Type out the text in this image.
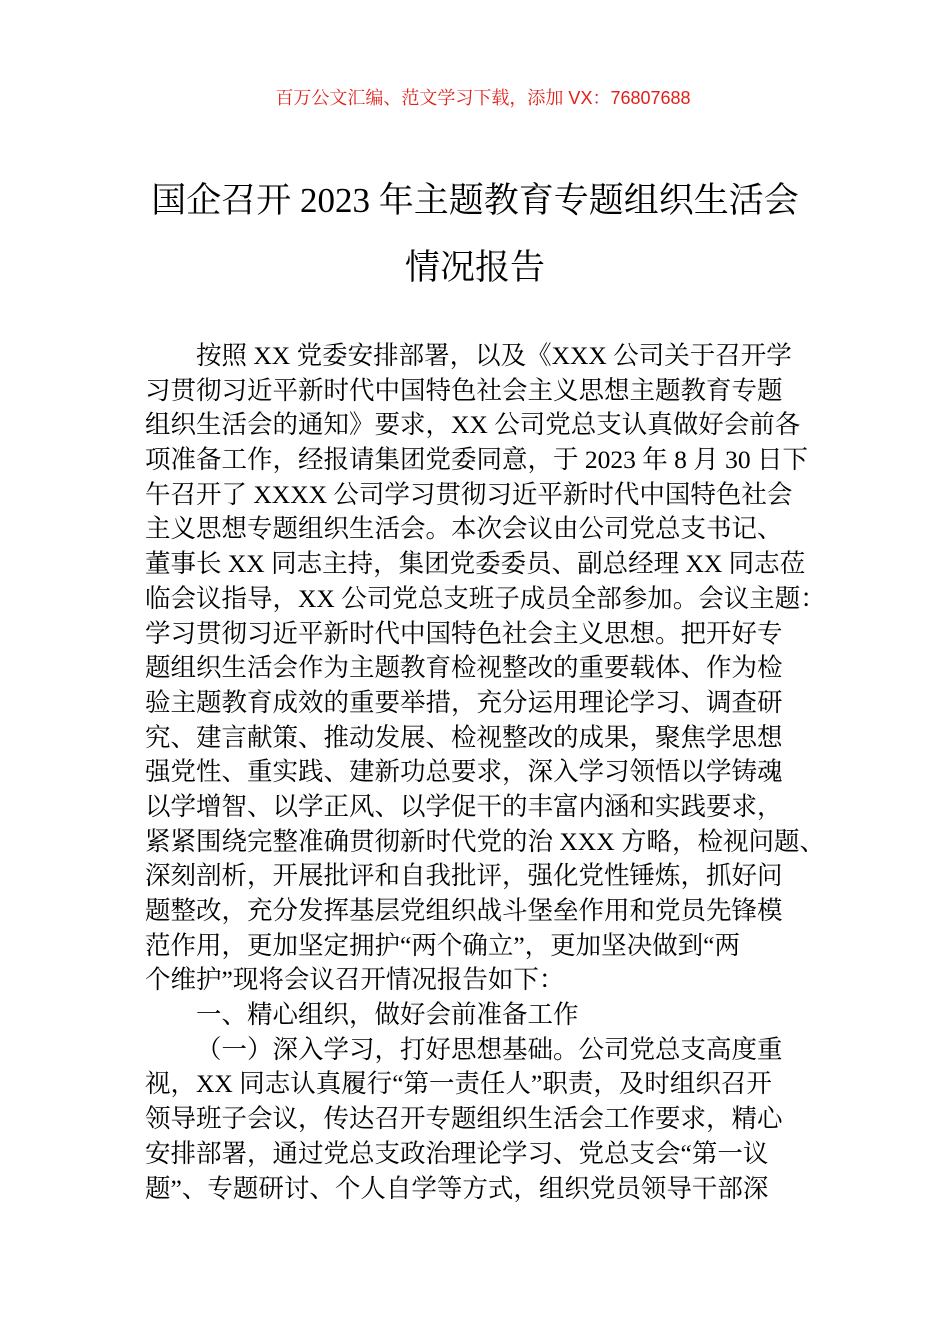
百万公文汇编、范文学习下载，添加 VX：76807688
国企召开 2023 年主题教育专题组织生活会
情况报告
按照 XX 党委安排部署，以及《XXX 公司关于召开学
习贯彻习近平新时代中国特色社会主义思想主题教育专题
组织生活会的通知》要求，XX 公司党总支认真做好会前各
项准备工作，经报请集团党委同意，于 2023 年 8 月 30 日下
午召开了 XXXX 公司学习贯彻习近平新时代中国特色社会
主义思想专题组织生活会。本次会议由公司党总支书记、
董事长 XX 同志主持，集团党委委员、副总经理 XX 同志莅
临会议指导，XX 公司党总支班子成员全部参加。会议主题：
学习贯彻习近平新时代中国特色社会主义思想。把开好专
题组织生活会作为主题教育检视整改的重要载体、作为检
验主题教育成效的重要举措，充分运用理论学习、调查研
究、建言献策、推动发展、检视整改的成果，聚焦学思想
强党性、重实践、建新功总要求，深入学习领悟以学铸魂
以学增智、以学正风、以学促干的丰富内涵和实践要求，
紧紧围绕完整准确贯彻新时代党的治 XXX 方略，检视问题、
深刻剖析，开展批评和自我批评，强化党性锤炼，抓好问
题整改，充分发挥基层党组织战斗堡垒作用和党员先锋模
范作用，更加坚定拥护“两个确立”，更加坚决做到“两
个维护”现将会议召开情况报告如下：
一、精心组织，做好会前准备工作
（一）深入学习，打好思想基础。公司党总支高度重
视，XX 同志认真履行“第一责任人”职责，及时组织召开
领导班子会议，传达召开专题组织生活会工作要求，精心
安排部署，通过党总支政治理论学习、党总支会“第一议
题”、专题研讨、个人自学等方式，组织党员领导干部深
